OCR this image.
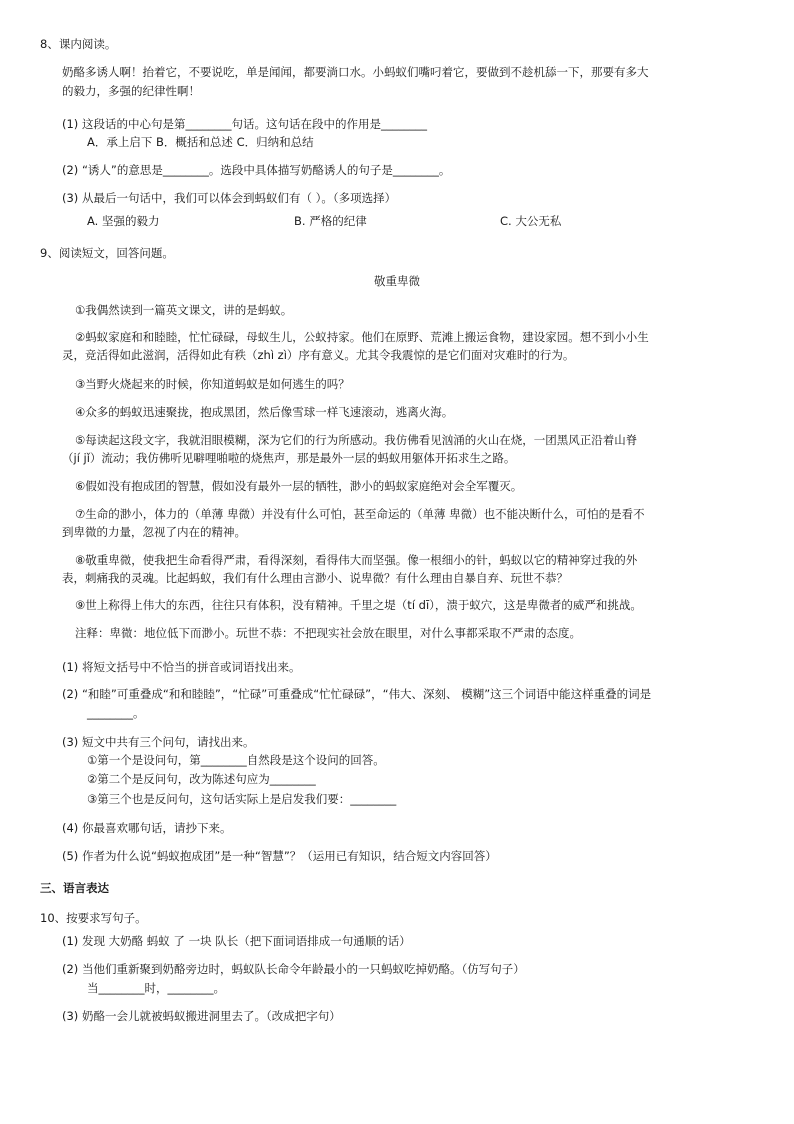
8、课内阅读。
奶酪多诱人啊！抬着它，不要说吃，单是闻闻，都要淌口水。小蚂蚁们嘴叼着它，要做到不趁机舔一下，那要有多大
的毅力，多强的纪律性啊！
(1) 这段话的中心句是第________句话。这句话在段中的作用是________
A．承上启下 B．概括和总述 C．归纳和总结
(2) “诱人”的意思是________。选段中具体描写奶酪诱人的句子是________。
(3) 从最后一句话中，我们可以体会到蚂蚁们有（ ）。（多项选择）
A. 坚强的毅力	B. 严格的纪律	C. 大公无私
9、阅读短文，回答问题。
敬重卑微
①我偶然读到一篇英文课文，讲的是蚂蚁。
②蚂蚁家庭和和睦睦，忙忙碌碌，母蚁生儿，公蚁持家。他们在原野、荒滩上搬运食物，建设家园。想不到小小生
灵，竞活得如此滋润，活得如此有秩（zhì zì）序有意义。尤其令我震惊的是它们面对灾难时的行为。
③当野火烧起来的时候，你知道蚂蚁是如何逃生的吗？
④众多的蚂蚁迅速聚拢，抱成黑团，然后像雪球一样飞速滚动，逃离火海。
⑤每读起这段文字，我就泪眼模糊，深为它们的行为所感动。我仿佛看见汹涌的火山在烧，一团黑风正沿着山脊
（jí jǐ）流动；我仿佛听见噼哩啪啦的烧焦声，那是最外一层的蚂蚁用躯体开拓求生之路。
⑥假如没有抱成团的智慧，假如没有最外一层的牺牲，渺小的蚂蚁家庭绝对会全军覆灭。
⑦生命的渺小，体力的（单薄 卑微）并没有什么可怕，甚至命运的（单薄 卑微）也不能决断什么，可怕的是看不
到卑微的力量，忽视了内在的精神。
⑧敬重卑微，使我把生命看得严肃，看得深刻，看得伟大而坚强。像一根细小的针，蚂蚁以它的精神穿过我的外
表，刺痛我的灵魂。比起蚂蚁，我们有什么理由言渺小、说卑微？有什么理由自暴自弃、玩世不恭？
⑨世上称得上伟大的东西，往往只有体积，没有精神。千里之堤（tí dī），溃于蚁穴，这是卑微者的威严和挑战。
注释：卑微：地位低下而渺小。玩世不恭：不把现实社会放在眼里，对什么事都采取不严肃的态度。
(1) 将短文括号中不恰当的拼音或词语找出来。
(2) “和睦”可重叠成“和和睦睦”，“忙碌”可重叠成“忙忙碌碌”，“伟大、深刻、 模糊”这三个词语中能这样重叠的词是
________。
(3) 短文中共有三个问句，请找出来。
①第一个是设问句，第________自然段是这个设问的回答。
②第二个是反问句，改为陈述句应为________
③第三个也是反问句，这句话实际上是启发我们要：________
(4) 你最喜欢哪句话，请抄下来。
(5) 作者为什么说“蚂蚁抱成团”是一种“智慧”？（运用已有知识，结合短文内容回答）
三、语言表达
10、按要求写句子。
(1) 发现 大奶酪 蚂蚁 了 一块 队长（把下面词语排成一句通顺的话）
(2) 当他们重新聚到奶酪旁边时，蚂蚁队长命令年龄最小的一只蚂蚁吃掉奶酪。（仿写句子）
当________时，________。
(3) 奶酪一会儿就被蚂蚁搬进洞里去了。（改成把字句）
